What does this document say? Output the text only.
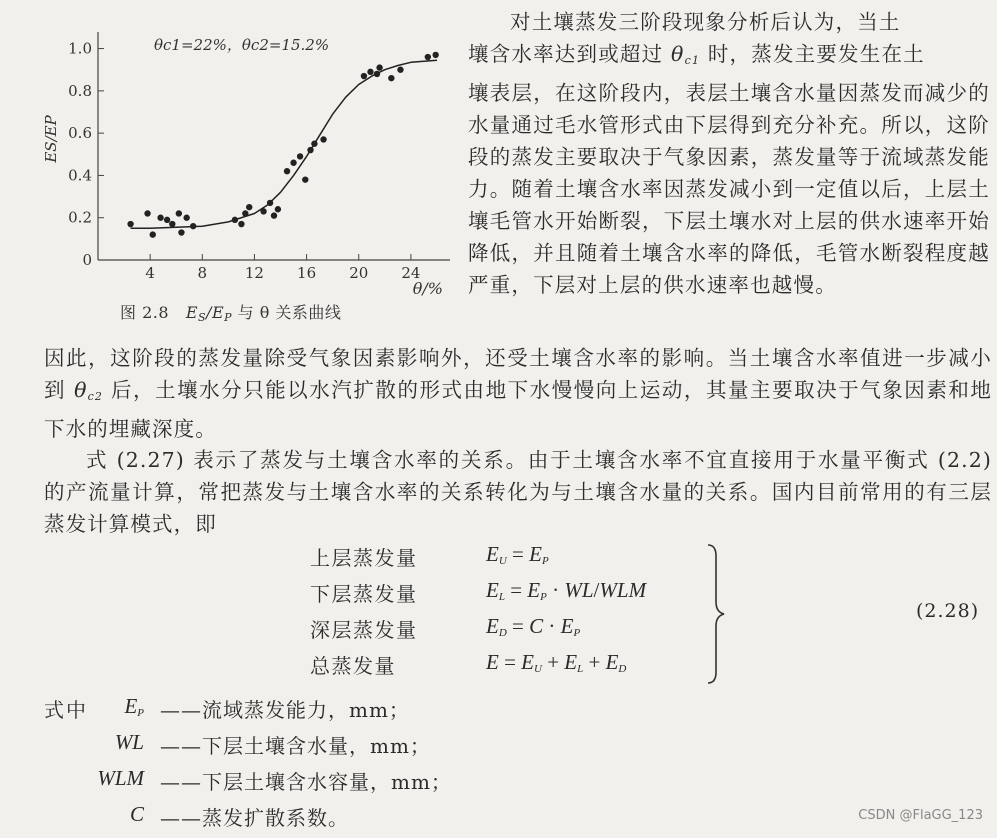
0
0.2
0.4
0.6
0.8
1.0
4	8	12 16 20 24
ES/EP
θ/%
θc1=22%，θc2=15.2%
图 2.8 $E_S/E_P$ 与 θ 关系曲线
对土壤蒸发三阶段现象分析后认为，当土
壤含水率达到或超过 $\theta_{c1}$ 时，蒸发主要发生在土
壤表层，在这阶段内，表层土壤含水量因蒸发而减少的水量通过毛水管形式由下层得到充分补充。所以，这阶段的蒸发主要取决于气象因素，蒸发量等于流域蒸发能力。随着土壤含水率因蒸发减小到一定值以后，上层土壤毛管水开始断裂，下层土壤水对上层的供水速率开始降低，并且随着土壤含水率的降低，毛管水断裂程度越严重，下层对上层的供水速率也越慢。
因此，这阶段的蒸发量除受气象因素影响外，还受土壤含水率的影响。当土壤含水率值进一步减小到 $\theta_{c2}$ 后，土壤水分只能以水汽扩散的形式由地下水慢慢向上运动，其量主要取决于气象因素和地下水的埋藏深度。
式 (2.27) 表示了蒸发与土壤含水率的关系。由于土壤含水率不宜直接用于水量平衡式 (2.2) 的产流量计算，常把蒸发与土壤含水率的关系转化为与土壤含水量的关系。国内目前常用的有三层蒸发计算模式，即
上层蒸发量	$E_U = E_P$
下层蒸发量	$E_L = E_P \cdot WL/WLM$
深层蒸发量	$E_D = C \cdot E_P$
总蒸发量	$E = E_U + E_L + E_D$
(2.28)
式中	$E_P$ ——流域蒸发能力，mm；
WL ——下层土壤含水量，mm；
WLM ——下层土壤含水容量，mm；
C ——蒸发扩散系数。	CSDN @FlaGG_123
